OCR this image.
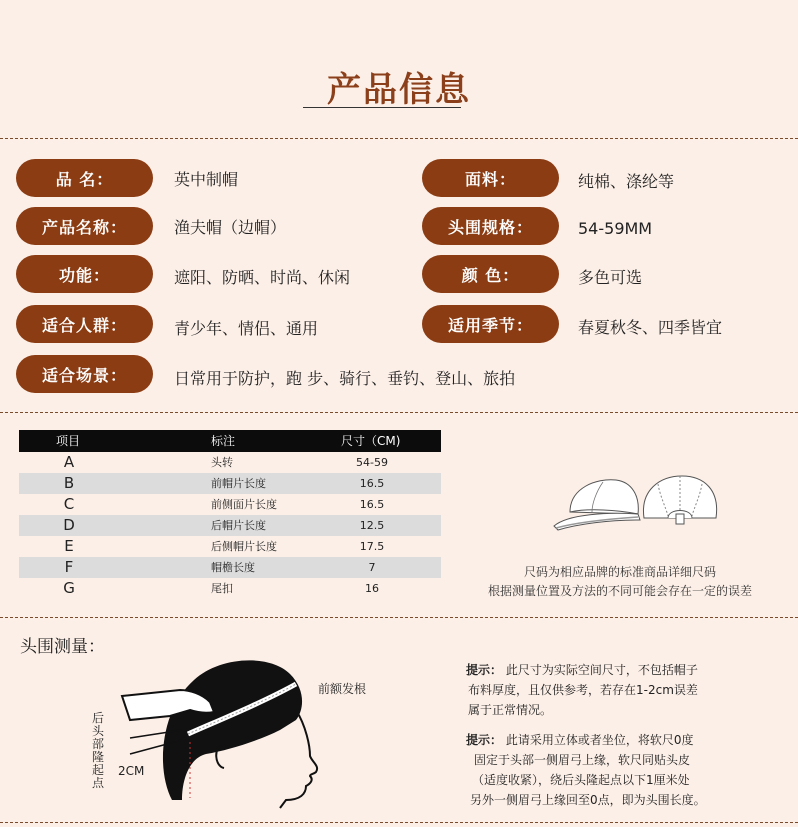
产品信息
品 名：	英中制帽	面料：	纯棉、涤纶等
产品名称：	渔夫帽（边帽）	头围规格：	54-59MM
功能：	遮阳、防晒、时尚、休闲	颜 色：	多色可选
适合人群：	青少年、情侣、通用	适用季节：	春夏秋冬、四季皆宜
适合场景：	日常用于防护，跑 步、骑行、垂钓、登山、旅拍
项目	标注	尺寸（CM)
A	头转	54-59
B	前帽片长度	16.5
C	前侧面片长度	16.5
D	后帽片长度	12.5
E	后侧帽片长度	17.5
F	帽檐长度	7
G	尾扣	16
尺码为相应品牌的标准商品详细尺码
根据测量位置及方法的不同可能会存在一定的误差
头围测量：
前额发根
后头部隆起点
2CM
提示： 此尺寸为实际空间尺寸，不包括帽子
布料厚度，且仅供参考，若存在1-2cm误差
属于正常情况。
提示： 此请采用立体或者坐位，将软尺0度
固定于头部一侧眉弓上缘，软尺同贴头皮
（适度收紧），绕后头隆起点以下1厘米处
另外一侧眉弓上缘回至0点，即为头围长度。
